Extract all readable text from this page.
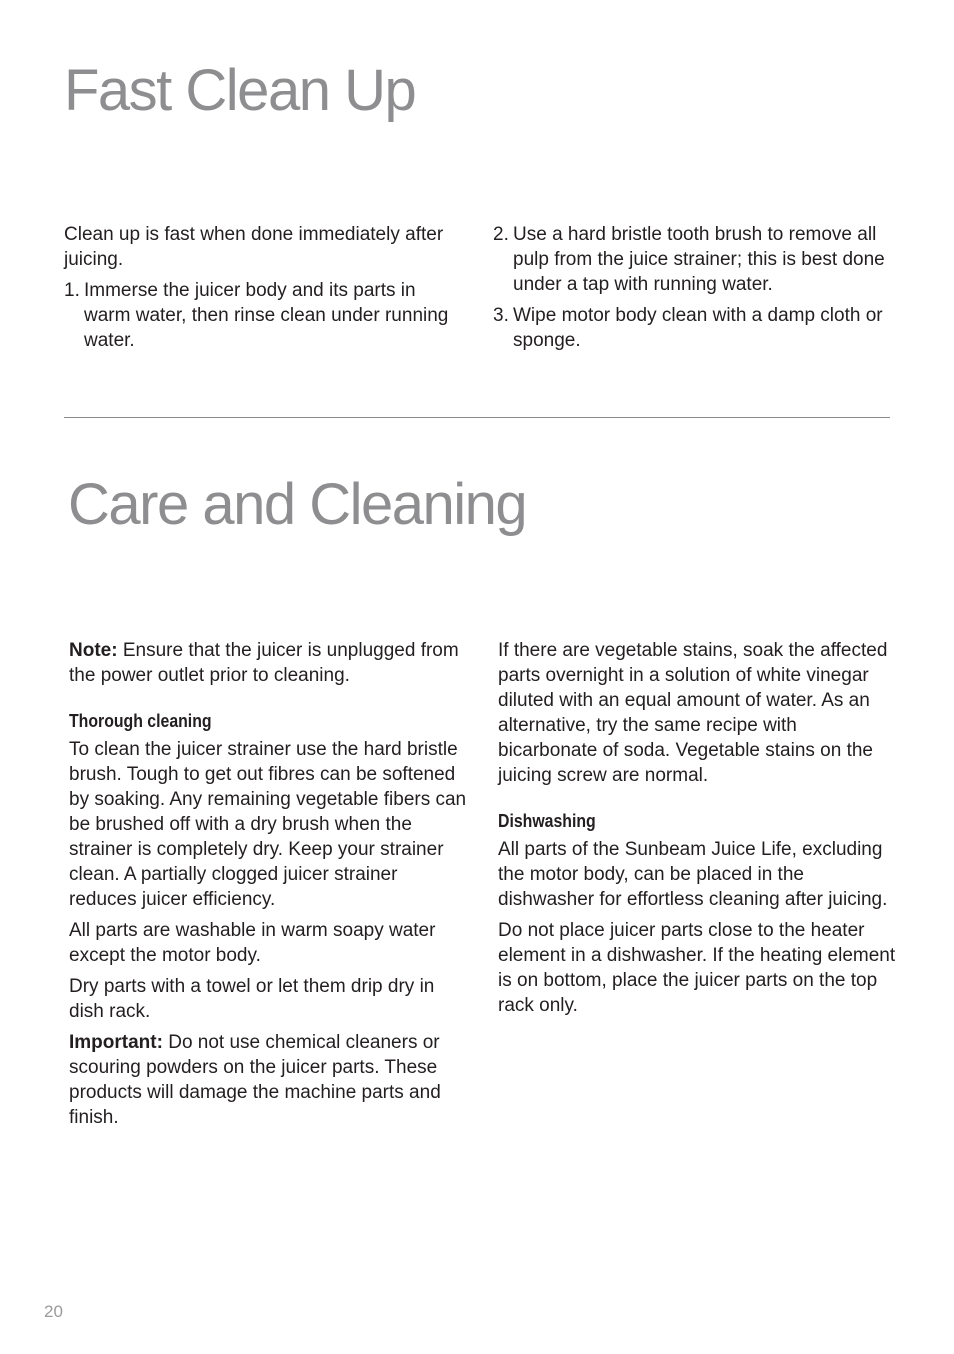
Fast Clean Up

Clean up is fast when done immediately after juicing.

1. Immerse the juicer body and its parts in warm water, then rinse clean under running water.
2. Use a hard bristle tooth brush to remove all pulp from the juice strainer; this is best done under a tap with running water.
3. Wipe motor body clean with a damp cloth or sponge.
Care and Cleaning

Note: Ensure that the juicer is unplugged from the power outlet prior to cleaning.

Thorough cleaning

To clean the juicer strainer use the hard bristle brush. Tough to get out fibres can be softened by soaking. Any remaining vegetable fibers can be brushed off with a dry brush when the strainer is completely dry. Keep your strainer clean. A partially clogged juicer strainer reduces juicer efficiency.

All parts are washable in warm soapy water except the motor body.

Dry parts with a towel or let them drip dry in dish rack.

Important: Do not use chemical cleaners or scouring powders on the juicer parts. These products will damage the machine parts and finish.

If there are vegetable stains, soak the affected parts overnight in a solution of white vinegar diluted with an equal amount of water. As an alternative, try the same recipe with bicarbonate of soda. Vegetable stains on the juicing screw are normal.

Dishwashing

All parts of the Sunbeam Juice Life, excluding the motor body, can be placed in the dishwasher for effortless cleaning after juicing.

Do not place juicer parts close to the heater element in a dishwasher. If the heating element is on bottom, place the juicer parts on the top rack only.

20
